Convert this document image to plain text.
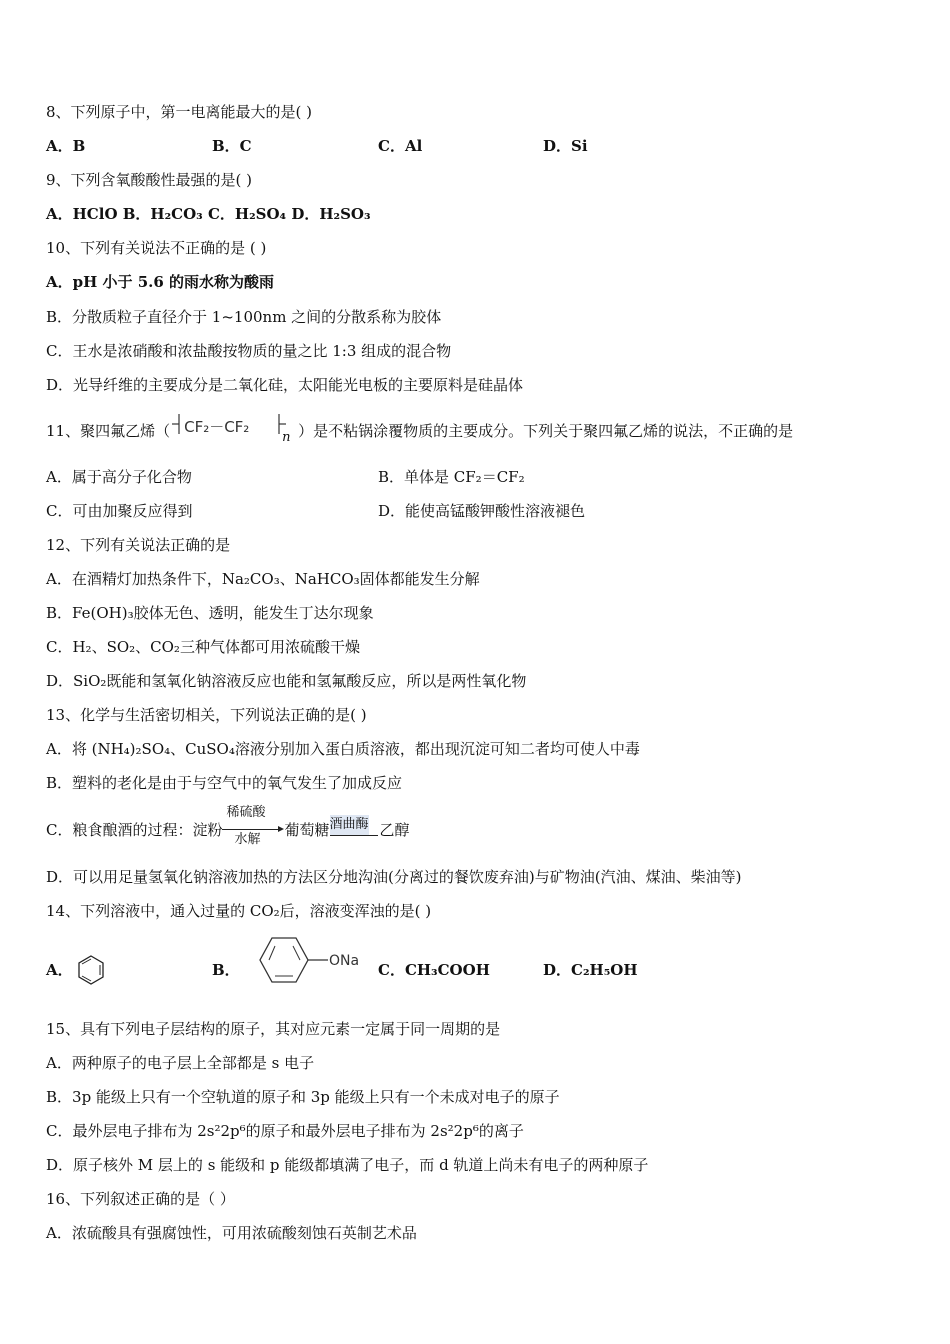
8、下列原子中，第一电离能最大的是( )
A．B	B．C	C．Al	D．Si
9、下列含氧酸酸性最强的是( )
A．HClO B．H₂CO₃ C．H₂SO₄ D．H₂SO₃
10、下列有关说法不正确的是 ( )
A．pH 小于 5.6 的雨水称为酸雨
B．分散质粒子直径介于 1~100nm 之间的分散系称为胶体
C．王水是浓硝酸和浓盐酸按物质的量之比 1:3 组成的混合物
D．光导纤维的主要成分是二氧化硅，太阳能光电板的主要原料是硅晶体
11、聚四氟乙烯（ CF₂－CF₂
n ）是不粘锅涂覆物质的主要成分。下列关于聚四氟乙烯的说法，不正确的是
A．属于高分子化合物	B．单体是 CF₂＝CF₂
C．可由加聚反应得到	D．能使高锰酸钾酸性溶液褪色
12、下列有关说法正确的是
A．在酒精灯加热条件下，Na₂CO₃、NaHCO₃固体都能发生分解
B．Fe(OH)₃胶体无色、透明，能发生丁达尔现象
C．H₂、SO₂、CO₂三种气体都可用浓硫酸干燥
D．SiO₂既能和氢氧化钠溶液反应也能和氢氟酸反应，所以是两性氧化物
13、化学与生活密切相关，下列说法正确的是( )
A．将 (NH₄)₂SO₄、CuSO₄溶液分别加入蛋白质溶液，都出现沉淀可知二者均可使人中毒
B．塑料的老化是由于与空气中的氧气发生了加成反应
C．粮食酿酒的过程：淀粉
稀硫酸
水解
葡萄糖 酒曲酶 乙醇
D．可以用足量氢氧化钠溶液加热的方法区分地沟油(分离过的餐饮废弃油)与矿物油(汽油、煤油、柴油等)
14、下列溶液中，通入过量的 CO₂后，溶液变浑浊的是( )
A．	B．	ONa C．CH₃COOH	D．C₂H₅OH
15、具有下列电子层结构的原子，其对应元素一定属于同一周期的是
A．两种原子的电子层上全部都是 s 电子
B．3p 能级上只有一个空轨道的原子和 3p 能级上只有一个未成对电子的原子
C．最外层电子排布为 2s²2p⁶的原子和最外层电子排布为 2s²2p⁶的离子
D．原子核外 M 层上的 s 能级和 p 能级都填满了电子，而 d 轨道上尚未有电子的两种原子
16、下列叙述正确的是（ ）
A．浓硫酸具有强腐蚀性，可用浓硫酸刻蚀石英制艺术品
